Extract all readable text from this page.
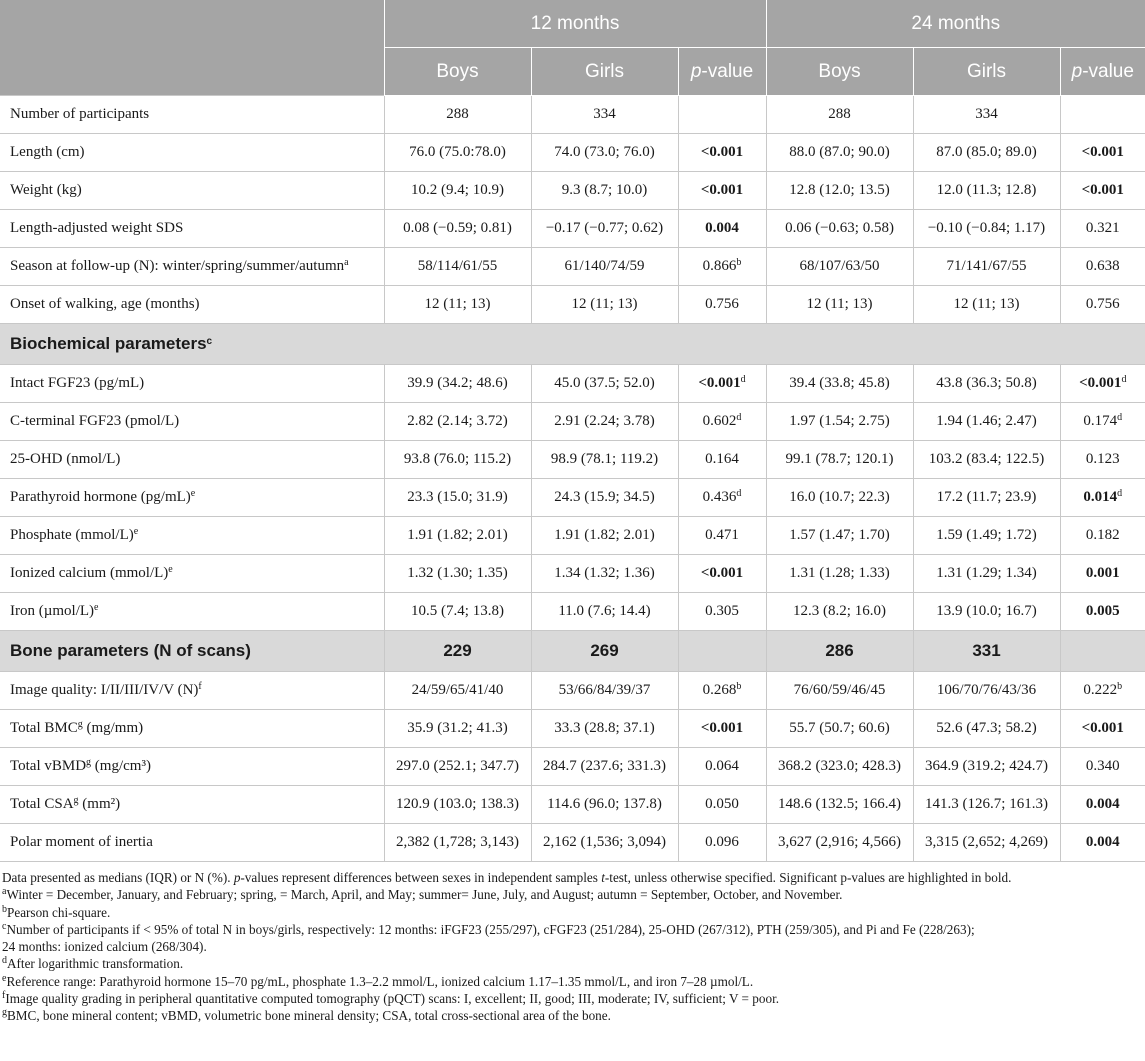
	12 months			24 months		
	Boys	Girls	p-value	Boys	Girls	p-value
Number of participants	288	334		288	334	
Length (cm)	76.0 (75.0:78.0)	74.0 (73.0; 76.0)	<0.001	88.0 (87.0; 90.0)	87.0 (85.0; 89.0)	<0.001
Weight (kg)	10.2 (9.4; 10.9)	9.3 (8.7; 10.0)	<0.001	12.8 (12.0; 13.5)	12.0 (11.3; 12.8)	<0.001
Length-adjusted weight SDS	0.08 (−0.59; 0.81)	−0.17 (−0.77; 0.62)	0.004	0.06 (−0.63; 0.58)	−0.10 (−0.84; 1.17)	0.321
Season at follow-up (N): winter/spring/summer/autumn$^a$	58/114/61/55	61/140/74/59	0.866$^b$	68/107/63/50	71/141/67/55	0.638
Onset of walking, age (months)	12 (11; 13)	12 (11; 13)	0.756	12 (11; 13)	12 (11; 13)	0.756
Biochemical parameters$^c$
Intact FGF23 (pg/mL)	39.9 (34.2; 48.6)	45.0 (37.5; 52.0)	<0.001$^d$	39.4 (33.8; 45.8)	43.8 (36.3; 50.8)	<0.001$^d$
C-terminal FGF23 (pmol/L)	2.82 (2.14; 3.72)	2.91 (2.24; 3.78)	0.602$^d$	1.97 (1.54; 2.75)	1.94 (1.46; 2.47)	0.174$^d$
25-OHD (nmol/L)	93.8 (76.0; 115.2)	98.9 (78.1; 119.2)	0.164	99.1 (78.7; 120.1)	103.2 (83.4; 122.5)	0.123
Parathyroid hormone $(pg/mL)^e$	23.3 (15.0; 31.9)	24.3 (15.9; 34.5)	0.436$^d$	16.0 (10.7; 22.3)	17.2 (11.7; 23.9)	0.014$^d$
Phosphate (mmol/L)$^e$	1.91 (1.82; 2.01)	1.91 (1.82; 2.01)	0.471	1.57 (1.47; 1.70)	1.59 (1.49; 1.72)	0.182
Ionized calcium (mmol/L)$^e$	1.32 (1.30; 1.35)	1.34 (1.32; 1.36)	<0.001	1.31 (1.28; 1.33)	1.31 (1.29; 1.34)	0.001
Iron $(\mu mol/L)^e$	10.5 (7.4; 13.8)	11.0 (7.6; 14.4)	0.305	12.3 (8.2; 16.0)	13.9 (10.0; 16.7)	0.005
Bone parameters (N of scans)	229	269		286	331	
Image quality: I/II/III/IV/V $(N)^f$	24/59/65/41/40	53/66/84/39/37	0.268$^b$	76/60/59/46/45	106/70/76/43/36	0.222$^b$
Total BMC$^g$ (mg/mm)	35.9 (31.2; 41.3)	33.3 (28.8; 37.1)	<0.001	55.7 (50.7; 60.6)	52.6 (47.3; 58.2)	<0.001
Total vBMD$^g$ (mg/cm³)	297.0 (252.1; 347.7)	284.7 (237.6; 331.3)	0.064	368.2 (323.0; 428.3)	364.9 (319.2; 424.7)	0.340
Total CSA$^g$ (mm²)	120.9 (103.0; 138.3)	114.6 (96.0; 137.8)	0.050	148.6 (132.5; 166.4)	141.3 (126.7; 161.3)	0.004
Polar moment of inertia	2,382 (1,728; 3,143)	2,162 (1,536; 3,094)	0.096	3,627 (2,916; 4,566)	3,315 (2,652; 4,269)	0.004
Data presented as medians (IQR) or N (%). p-values represent differences between sexes in independent samples t-test, unless otherwise specified. Significant p-values are highlighted in bold.
$^a$Winter = December, January, and February; spring, = March, April, and May; summer= June, July, and August; autumn = September, October, and November.
$^b$Pearson chi-square.
$^c$Number of participants if < 95% of total N in boys/girls, respectively: 12 months: iFGF23 (255/297), cFGF23 (251/284), 25-OHD (267/312), PTH (259/305), and Pi and Fe (228/263);
24 months: ionized calcium (268/304).
$^d$After logarithmic transformation.
$^e$Reference range: Parathyroid hormone 15–70 pg/mL, phosphate 1.3–2.2 mmol/L, ionized calcium 1.17–1.35 mmol/L, and iron 7–28 µmol/L.
$^f$Image quality grading in peripheral quantitative computed tomography (pQCT) scans: I, excellent; II, good; III, moderate; IV, sufficient; V = poor.
$^g$BMC, bone mineral content; vBMD, volumetric bone mineral density; CSA, total cross-sectional area of the bone.
